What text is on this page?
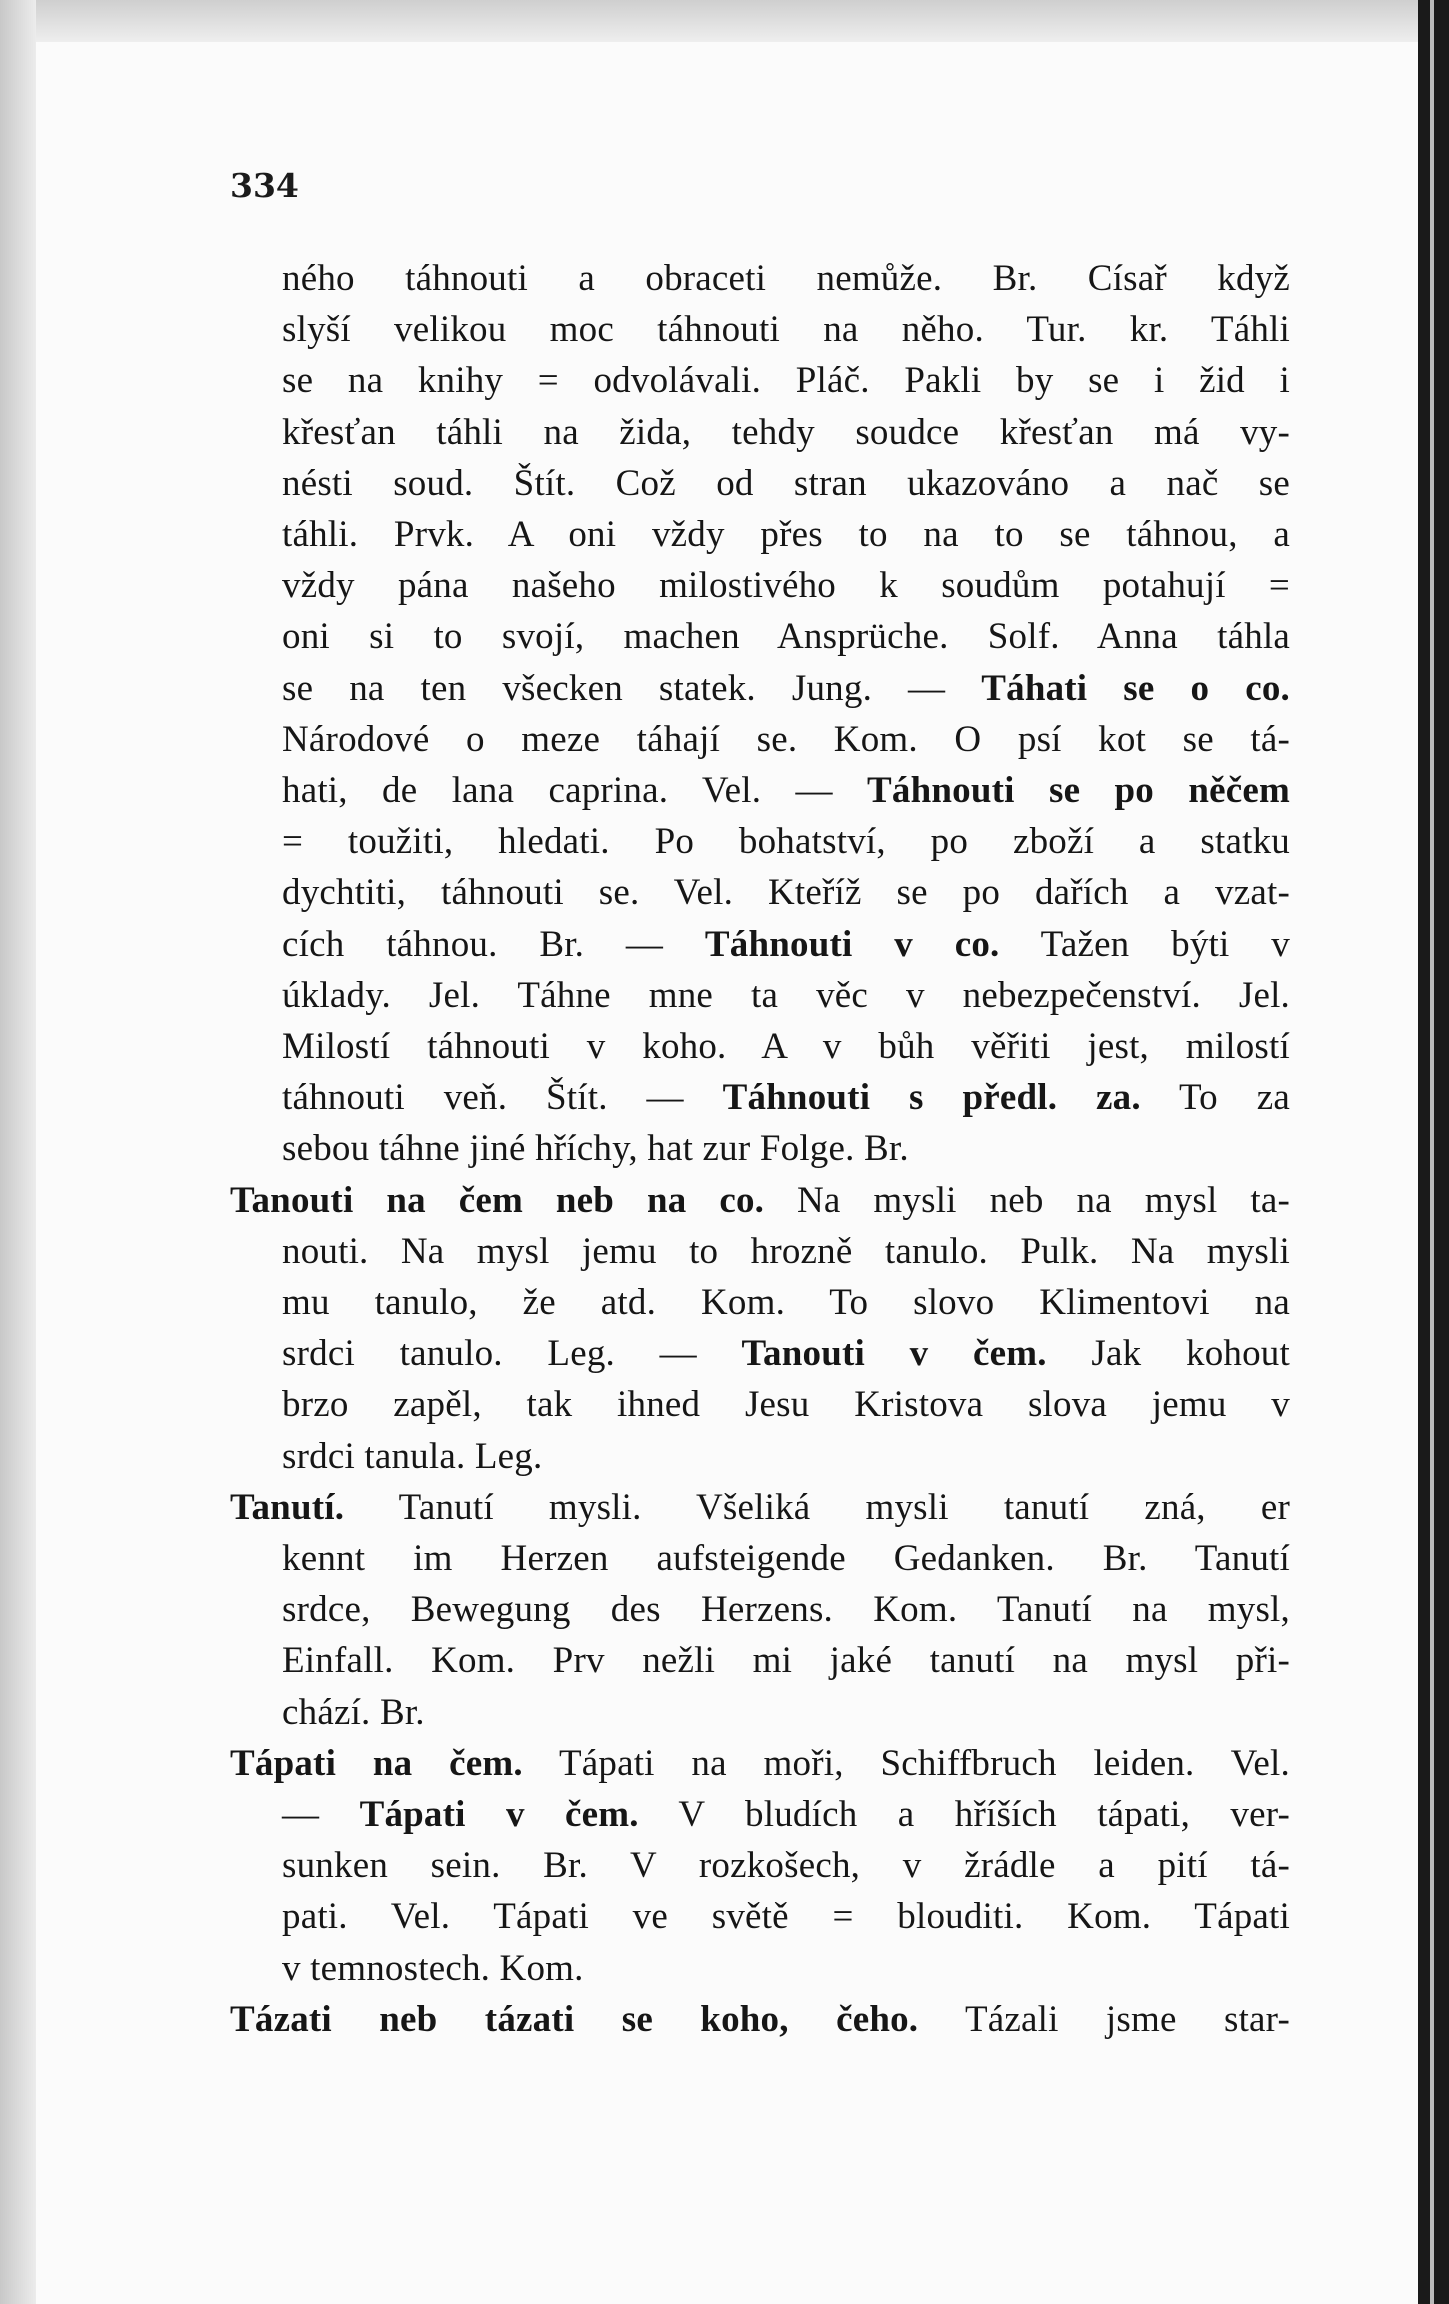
334
ného táhnouti a obraceti nemůže. Br. Císař když
slyší velikou moc táhnouti na něho. Tur. kr. Táhli
se na knihy = odvolávali. Pláč. Pakli by se i žid i
křesťan táhli na žida, tehdy soudce křesťan má vy-
nésti soud. Štít. Což od stran ukazováno a nač se
táhli. Prvk. A oni vždy přes to na to se táhnou, a
vždy pána našeho milostivého k soudům potahují =
oni si to svojí, machen Ansprüche. Solf. Anna táhla
se na ten všecken statek. Jung. — Táhati se o co.
Národové o meze táhají se. Kom. O psí kot se tá-
hati, de lana caprina. Vel. — Táhnouti se po něčem
= toužiti, hledati. Po bohatství, po zboží a statku
dychtiti, táhnouti se. Vel. Kteříž se po dařích a vzat-
cích táhnou. Br. — Táhnouti v co. Tažen býti v
úklady. Jel. Táhne mne ta věc v nebezpečenství. Jel.
Milostí táhnouti v koho. A v bůh věřiti jest, milostí
táhnouti veň. Štít. — Táhnouti s předl. za. To za
sebou táhne jiné hříchy, hat zur Folge. Br.
Tanouti na čem neb na co. Na mysli neb na mysl ta-
nouti. Na mysl jemu to hrozně tanulo. Pulk. Na mysli
mu tanulo, že atd. Kom. To slovo Klimentovi na
srdci tanulo. Leg. — Tanouti v čem. Jak kohout
brzo zapěl, tak ihned Jesu Kristova slova jemu v
srdci tanula. Leg.
Tanutí. Tanutí mysli. Všeliká mysli tanutí zná, er
kennt im Herzen aufsteigende Gedanken. Br. Tanutí
srdce, Bewegung des Herzens. Kom. Tanutí na mysl,
Einfall. Kom. Prv nežli mi jaké tanutí na mysl při-
chází. Br.
Tápati na čem. Tápati na moři, Schiffbruch leiden. Vel.
— Tápati v čem. V bludích a hříších tápati, ver-
sunken sein. Br. V rozkošech, v žrádle a pití tá-
pati. Vel. Tápati ve světě = blouditi. Kom. Tápati
v temnostech. Kom.
Tázati neb tázati se koho, čeho. Tázali jsme star-
